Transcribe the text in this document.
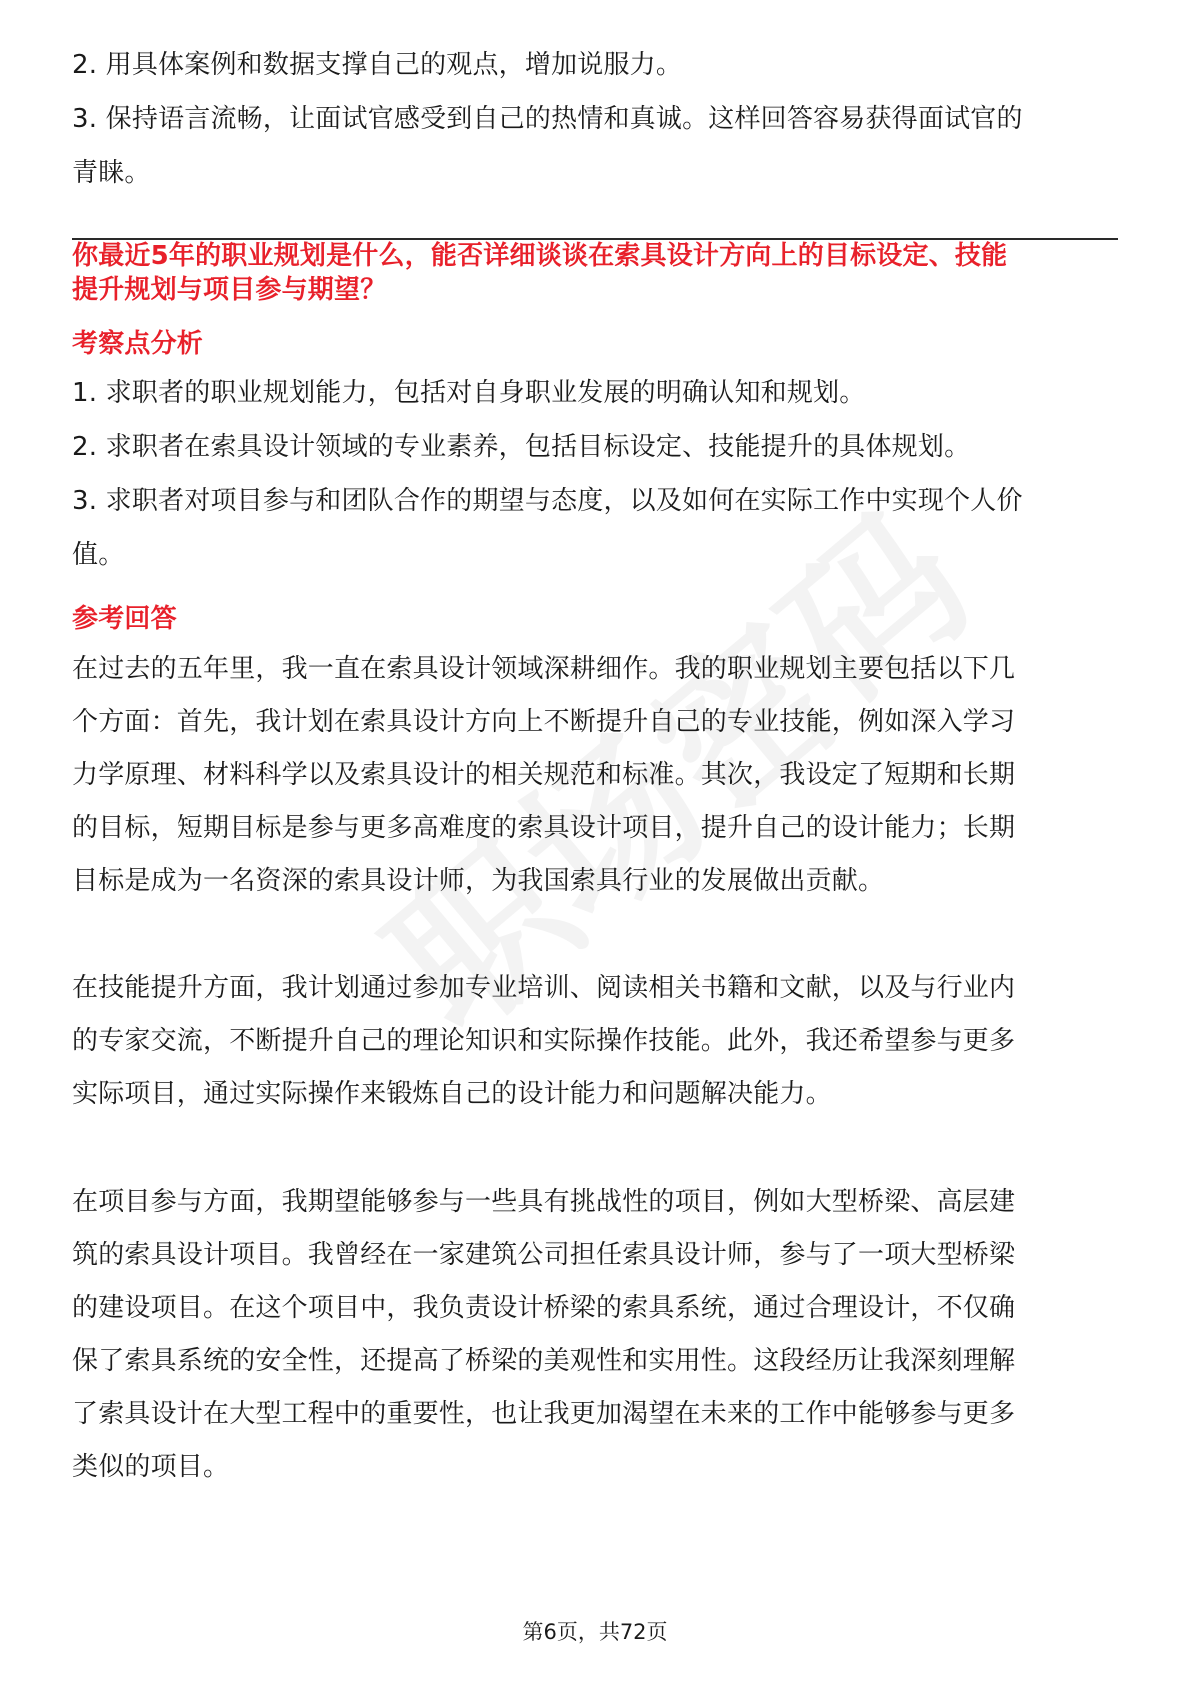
2. 用具体案例和数据支撑自己的观点，增加说服力。
3. 保持语言流畅，让面试官感受到自己的热情和真诚。这样回答容易获得面试官的
青睐。
你最近5年的职业规划是什么，能否详细谈谈在索具设计方向上的目标设定、技能
提升规划与项目参与期望？
考察点分析
1. 求职者的职业规划能力，包括对自身职业发展的明确认知和规划。
2. 求职者在索具设计领域的专业素养，包括目标设定、技能提升的具体规划。
3. 求职者对项目参与和团队合作的期望与态度，以及如何在实际工作中实现个人价
值。
参考回答
在过去的五年里，我一直在索具设计领域深耕细作。我的职业规划主要包括以下几
个方面：首先，我计划在索具设计方向上不断提升自己的专业技能，例如深入学习
力学原理、材料科学以及索具设计的相关规范和标准。其次，我设定了短期和长期
的目标，短期目标是参与更多高难度的索具设计项目，提升自己的设计能力；长期
目标是成为一名资深的索具设计师，为我国索具行业的发展做出贡献。
在技能提升方面，我计划通过参加专业培训、阅读相关书籍和文献，以及与行业内
的专家交流，不断提升自己的理论知识和实际操作技能。此外，我还希望参与更多
实际项目，通过实际操作来锻炼自己的设计能力和问题解决能力。
在项目参与方面，我期望能够参与一些具有挑战性的项目，例如大型桥梁、高层建
筑的索具设计项目。我曾经在一家建筑公司担任索具设计师，参与了一项大型桥梁
的建设项目。在这个项目中，我负责设计桥梁的索具系统，通过合理设计，不仅确
保了索具系统的安全性，还提高了桥梁的美观性和实用性。这段经历让我深刻理解
了索具设计在大型工程中的重要性，也让我更加渴望在未来的工作中能够参与更多
类似的项目。
第6页，共72页
